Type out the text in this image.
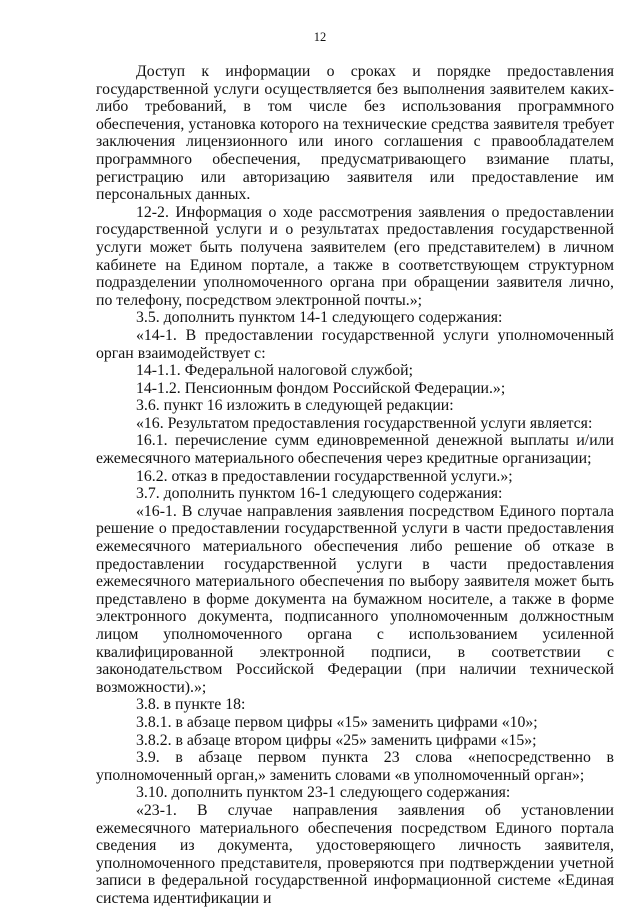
12

Доступ к информации о сроках и порядке предоставления государственной услуги осуществляется без выполнения заявителем каких-либо требований, в том числе без использования программного обеспечения, установка которого на технические средства заявителя требует заключения лицензионного или иного соглашения с правообладателем программного обеспечения, предусматривающего взимание платы, регистрацию или авторизацию заявителя или предоставление им персональных данных.

12-2. Информация о ходе рассмотрения заявления о предоставлении государственной услуги и о результатах предоставления государственной услуги может быть получена заявителем (его представителем) в личном кабинете на Едином портале, а также в соответствующем структурном подразделении уполномоченного органа при обращении заявителя лично, по телефону, посредством электронной почты.»;

3.5. дополнить пунктом 14-1 следующего содержания:

«14-1. В предоставлении государственной услуги уполномоченный орган взаимодействует с:

14-1.1. Федеральной налоговой службой;

14-1.2. Пенсионным фондом Российской Федерации.»;

3.6. пункт 16 изложить в следующей редакции:

«16. Результатом предоставления государственной услуги является:

16.1. перечисление сумм единовременной денежной выплаты и/или ежемесячного материального обеспечения через кредитные организации;

16.2. отказ в предоставлении государственной услуги.»;

3.7. дополнить пунктом 16-1 следующего содержания:

«16-1. В случае направления заявления посредством Единого портала решение о предоставлении государственной услуги в части предоставления ежемесячного материального обеспечения либо решение об отказе в предоставлении государственной услуги в части предоставления ежемесячного материального обеспечения по выбору заявителя может быть представлено в форме документа на бумажном носителе, а также в форме электронного документа, подписанного уполномоченным должностным лицом уполномоченного органа с использованием усиленной квалифицированной электронной подписи, в соответствии с законодательством Российской Федерации (при наличии технической возможности).»;

3.8. в пункте 18:

3.8.1. в абзаце первом цифры «15» заменить цифрами «10»;

3.8.2. в абзаце втором цифры «25» заменить цифрами «15»;

3.9. в абзаце первом пункта 23 слова «непосредственно в уполномоченный орган,» заменить словами «в уполномоченный орган»;

3.10. дополнить пунктом 23-1 следующего содержания:

«23-1. В случае направления заявления об установлении ежемесячного материального обеспечения посредством Единого портала сведения из документа, удостоверяющего личность заявителя, уполномоченного представителя, проверяются при подтверждении учетной записи в федеральной государственной информационной системе «Единая система идентификации и
